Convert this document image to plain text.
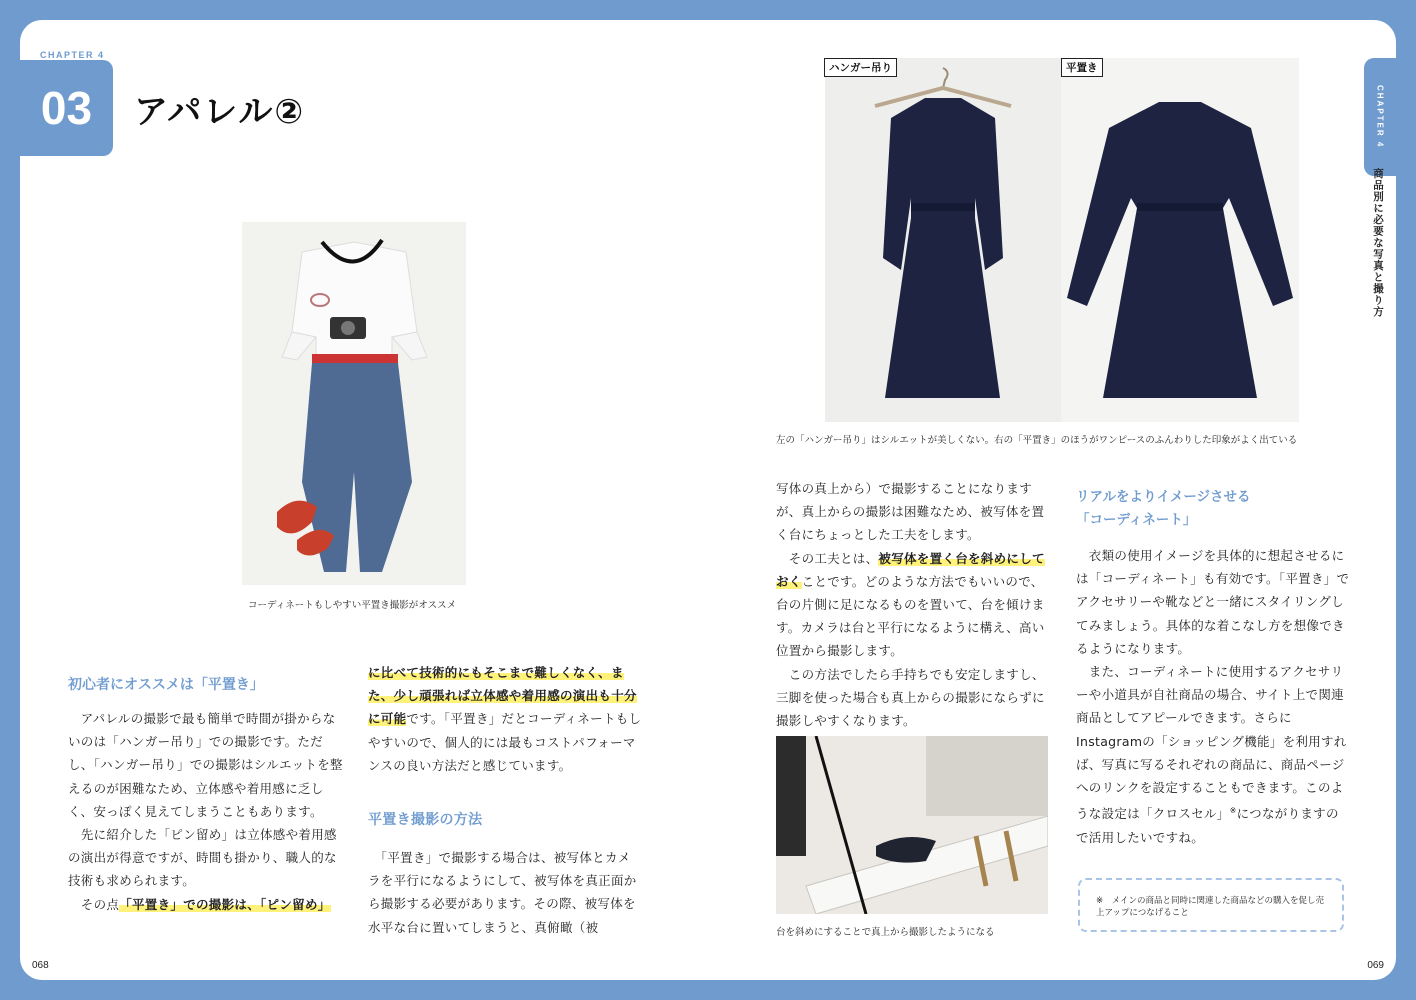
CHAPTER 4
03	アパレル②
コーディネートもしやすい平置き撮影がオススメ
初心者にオススメは「平置き」

　アパレルの撮影で最も簡単で時間が掛からないのは「ハンガー吊り」での撮影です。ただし、「ハンガー吊り」での撮影はシルエットを整えるのが困難なため、立体感や着用感に乏しく、安っぽく見えてしまうこともあります。

　先に紹介した「ピン留め」は立体感や着用感の演出が得意ですが、時間も掛かり、職人的な技術も求められます。

　その点「平置き」での撮影は、「ピン留め」

に比べて技術的にもそこまで難しくなく、また、少し頑張れば立体感や着用感の演出も十分に可能です。「平置き」だとコーディネートもしやすいので、個人的には最もコストパフォーマンスの良い方法だと感じています。

平置き撮影の方法

　「平置き」で撮影する場合は、被写体とカメラを平行になるようにして、被写体を真正面から撮影する必要があります。その際、被写体を水平な台に置いてしまうと、真俯瞰（被

068
ハンガー吊り	平置き
左の「ハンガー吊り」はシルエットが美しくない。右の「平置き」のほうがワンピースのふんわりした印象がよく出ている

写体の真上から）で撮影することになりますが、真上からの撮影は困難なため、被写体を置く台にちょっとした工夫をします。

　その工夫とは、被写体を置く台を斜めにしておくことです。どのような方法でもいいので、台の片側に足になるものを置いて、台を傾けます。カメラは台と平行になるように構え、高い位置から撮影します。

　この方法でしたら手持ちでも安定しますし、三脚を使った場合も真上からの撮影にならずに撮影しやすくなります。

台を斜めにすることで真上から撮影したようになる
リアルをよりイメージさせる「コーディネート」

　衣類の使用イメージを具体的に想起させるには「コーディネート」も有効です。「平置き」でアクセサリーや靴などと一緒にスタイリングしてみましょう。具体的な着こなし方を想像できるようになります。

　また、コーディネートに使用するアクセサリーや小道具が自社商品の場合、サイト上で関連商品としてアピールできます。さらにInstagramの「ショッピング機能」を利用すれば、写真に写るそれぞれの商品に、商品ページへのリンクを設定することもできます。このような設定は「クロスセル」※につながりますので活用したいですね。

※　メインの商品と同時に関連した商品などの購入を促し売上アップにつなげること
CHAPTER 4
商品別に必要な写真と撮り方
069
